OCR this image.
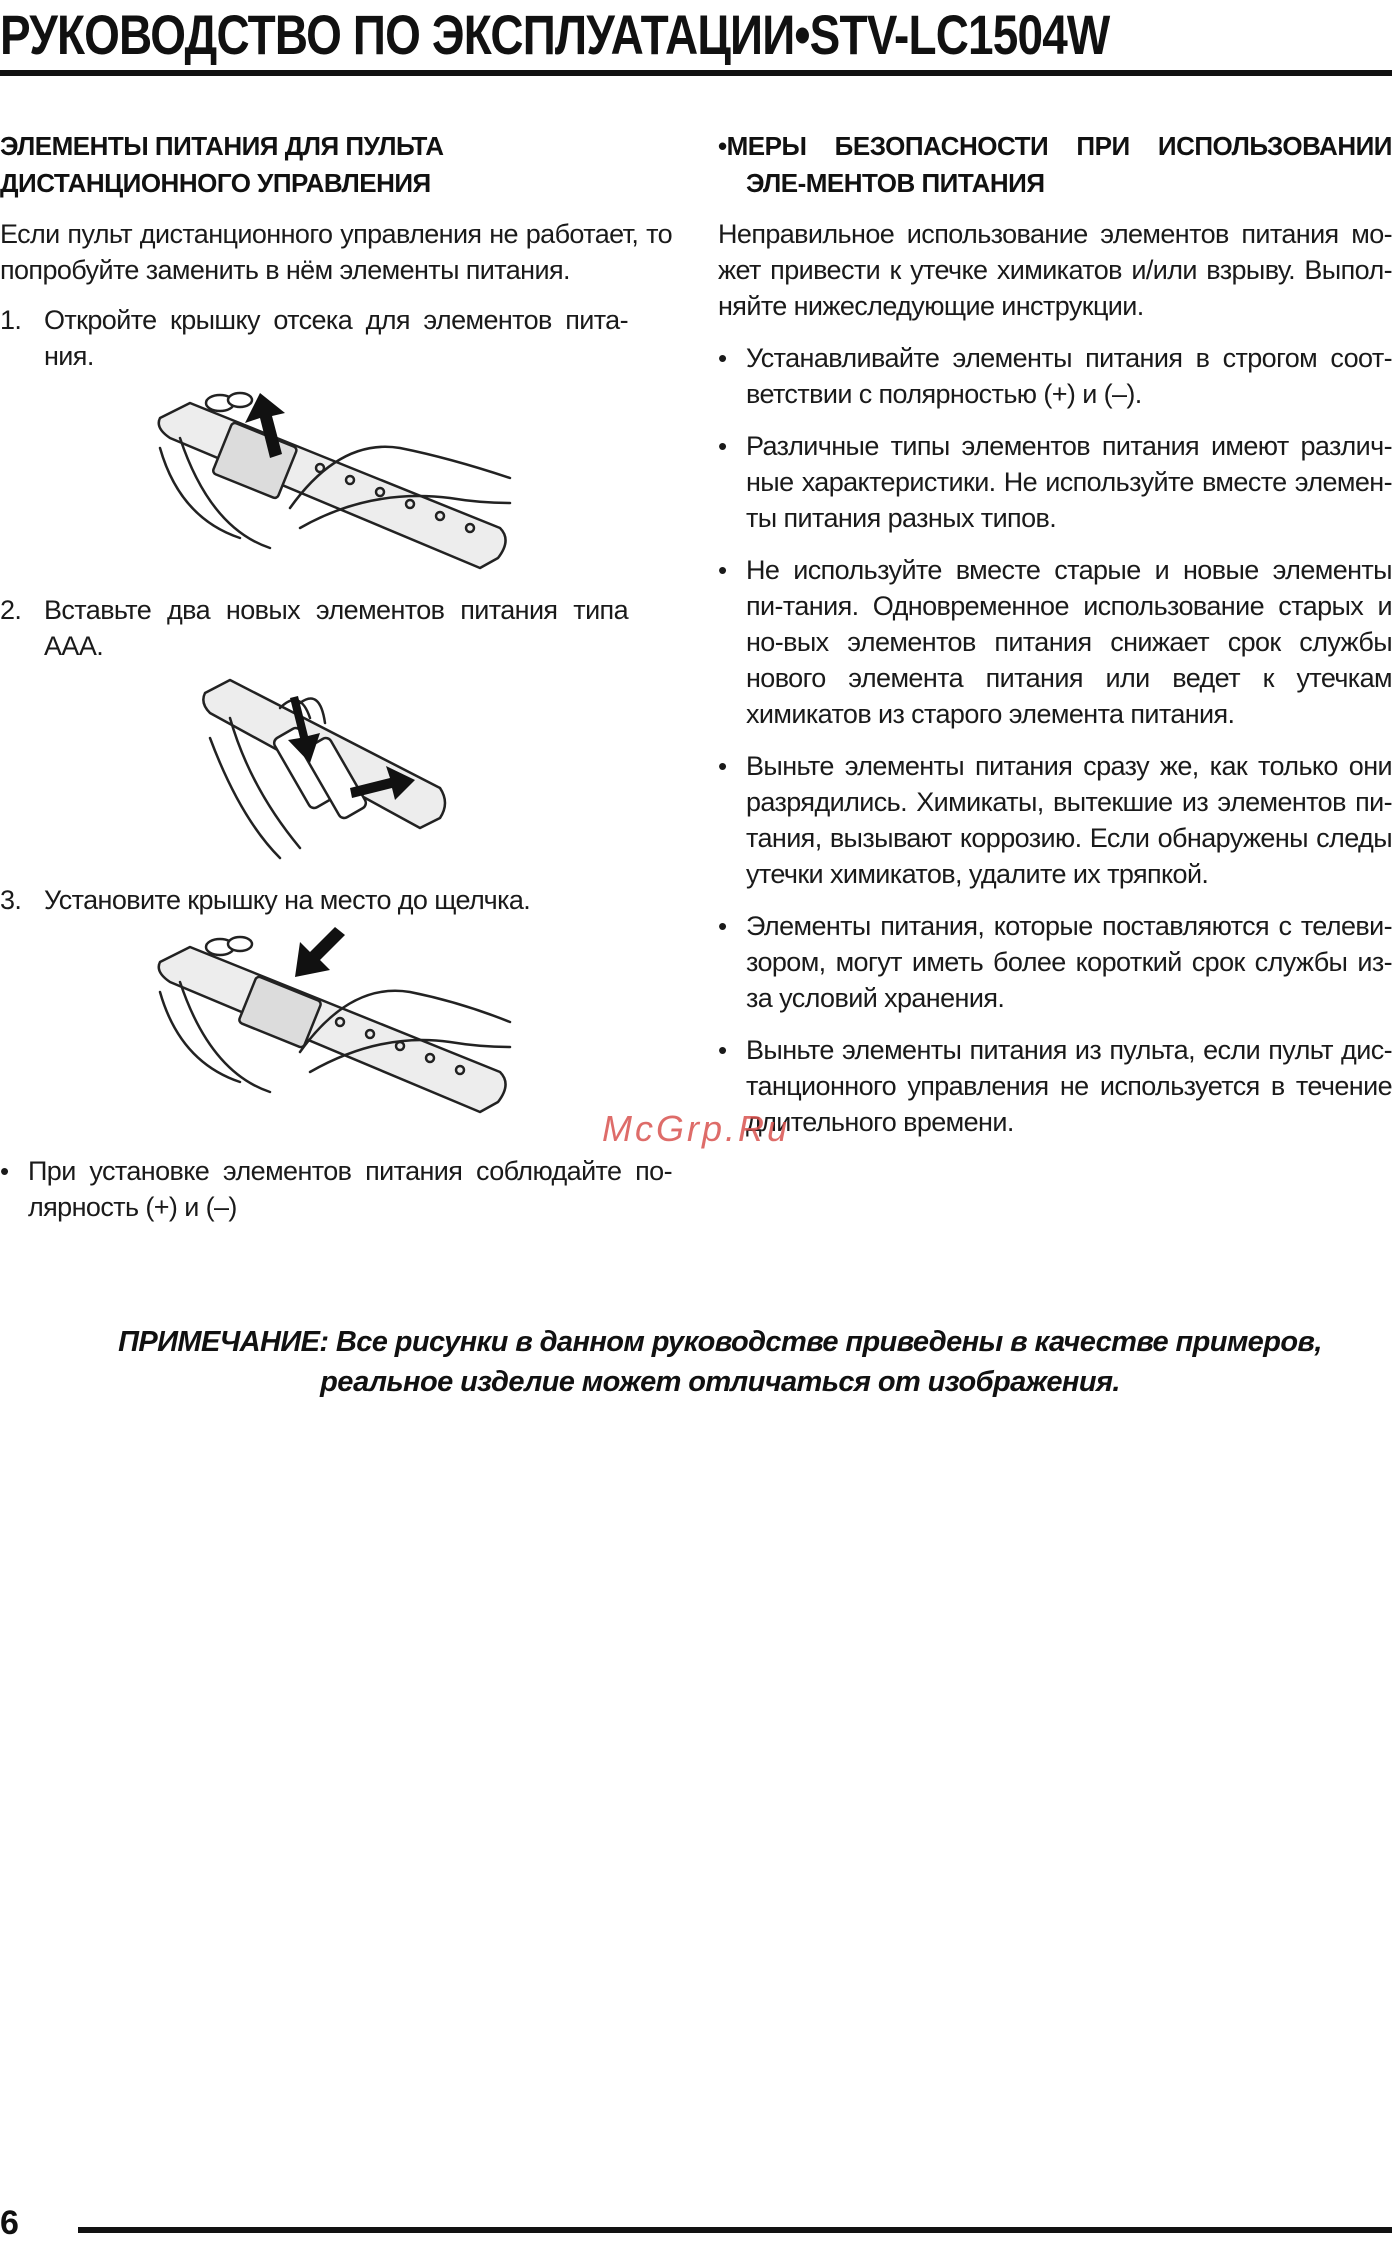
РУКОВОДСТВО ПО ЭКСПЛУАТАЦИИ•STV-LC1504W
ЭЛЕМЕНТЫ ПИТАНИЯ ДЛЯ ПУЛЬТА ДИСТАНЦИОННОГО УПРАВЛЕНИЯ

Если пульт дистанционного управления не работает, то попробуйте заменить в нём элементы питания.

1. Откройте крышку отсека для элементов пита-ния.
2. Вставьте два новых элементов питания типа ААА.
3. Установите крышку на место до щелчка.
• При установке элементов питания соблюдайте по-лярность (+) и (–)
•МЕРЫ БЕЗОПАСНОСТИ ПРИ ИСПОЛЬЗОВАНИИ ЭЛЕ-МЕНТОВ ПИТАНИЯ

Неправильное использование элементов питания мо-жет привести к утечке химикатов и/или взрыву. Выпол-няйте нижеследующие инструкции.

• Устанавливайте элементы питания в строгом соот-ветствии с полярностью (+) и (–).
• Различные типы элементов питания имеют различ-ные характеристики. Не используйте вместе элемен-ты питания разных типов.
• Не используйте вместе старые и новые элементы пи-тания. Одновременное использование старых и но-вых элементов питания снижает срок службы нового элемента питания или ведет к утечкам химикатов из старого элемента питания.
• Выньте элементы питания сразу же, как только они разрядились. Химикаты, вытекшие из элементов пи-тания, вызывают коррозию. Если обнаружены следы утечки химикатов, удалите их тряпкой.
• Элементы питания, которые поставляются с телеви-зором, могут иметь более короткий срок службы из-за условий хранения.
• Выньте элементы питания из пульта, если пульт дис-танционного управления не используется в течение длительного времени.
McGrp.Ru

ПРИМЕЧАНИЕ: Все рисунки в данном руководстве приведены в качестве примеров, реальное изделие может отличаться от изображения.

6
